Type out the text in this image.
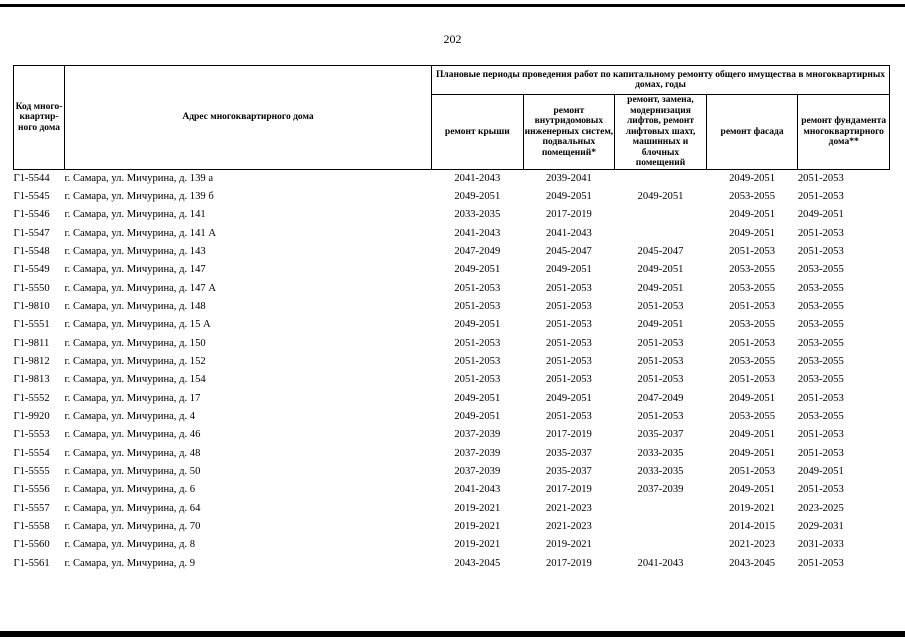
202
Код много-квартир-ного дома	Адрес многоквартирного дома	Плановые периоды проведения работ по капитальному ремонту общего имущества в многоквартирных домах, годы				
		ремонт крыши	ремонт внутридомовых инженерных систем, подвальных помещений*	ремонт, замена, модернизация лифтов, ремонт лифтовых шахт, машинных и блочных помещений	ремонт фасада	ремонт фундамента многоквартирного дома**
Г1-5544	г. Самара, ул. Мичурина, д. 139 а	2041-2043	2039-2041		2049-2051	2051-2053
Г1-5545	г. Самара, ул. Мичурина, д. 139 б	2049-2051	2049-2051	2049-2051	2053-2055	2051-2053
Г1-5546	г. Самара, ул. Мичурина, д. 141	2033-2035	2017-2019		2049-2051	2049-2051
Г1-5547	г. Самара, ул. Мичурина, д. 141 А	2041-2043	2041-2043		2049-2051	2051-2053
Г1-5548	г. Самара, ул. Мичурина, д. 143	2047-2049	2045-2047	2045-2047	2051-2053	2051-2053
Г1-5549	г. Самара, ул. Мичурина, д. 147	2049-2051	2049-2051	2049-2051	2053-2055	2053-2055
Г1-5550	г. Самара, ул. Мичурина, д. 147 А	2051-2053	2051-2053	2049-2051	2053-2055	2053-2055
Г1-9810	г. Самара, ул. Мичурина, д. 148	2051-2053	2051-2053	2051-2053	2051-2053	2053-2055
Г1-5551	г. Самара, ул. Мичурина, д. 15 А	2049-2051	2051-2053	2049-2051	2053-2055	2053-2055
Г1-9811	г. Самара, ул. Мичурина, д. 150	2051-2053	2051-2053	2051-2053	2051-2053	2053-2055
Г1-9812	г. Самара, ул. Мичурина, д. 152	2051-2053	2051-2053	2051-2053	2053-2055	2053-2055
Г1-9813	г. Самара, ул. Мичурина, д. 154	2051-2053	2051-2053	2051-2053	2051-2053	2053-2055
Г1-5552	г. Самара, ул. Мичурина, д. 17	2049-2051	2049-2051	2047-2049	2049-2051	2051-2053
Г1-9920	г. Самара, ул. Мичурина, д. 4	2049-2051	2051-2053	2051-2053	2053-2055	2053-2055
Г1-5553	г. Самара, ул. Мичурина, д. 46	2037-2039	2017-2019	2035-2037	2049-2051	2051-2053
Г1-5554	г. Самара, ул. Мичурина, д. 48	2037-2039	2035-2037	2033-2035	2049-2051	2051-2053
Г1-5555	г. Самара, ул. Мичурина, д. 50	2037-2039	2035-2037	2033-2035	2051-2053	2049-2051
Г1-5556	г. Самара, ул. Мичурина, д. 6	2041-2043	2017-2019	2037-2039	2049-2051	2051-2053
Г1-5557	г. Самара, ул. Мичурина, д. 64	2019-2021	2021-2023		2019-2021	2023-2025
Г1-5558	г. Самара, ул. Мичурина, д. 70	2019-2021	2021-2023		2014-2015	2029-2031
Г1-5560	г. Самара, ул. Мичурина, д. 8	2019-2021	2019-2021		2021-2023	2031-2033
Г1-5561	г. Самара, ул. Мичурина, д. 9	2043-2045	2017-2019	2041-2043	2043-2045	2051-2053
